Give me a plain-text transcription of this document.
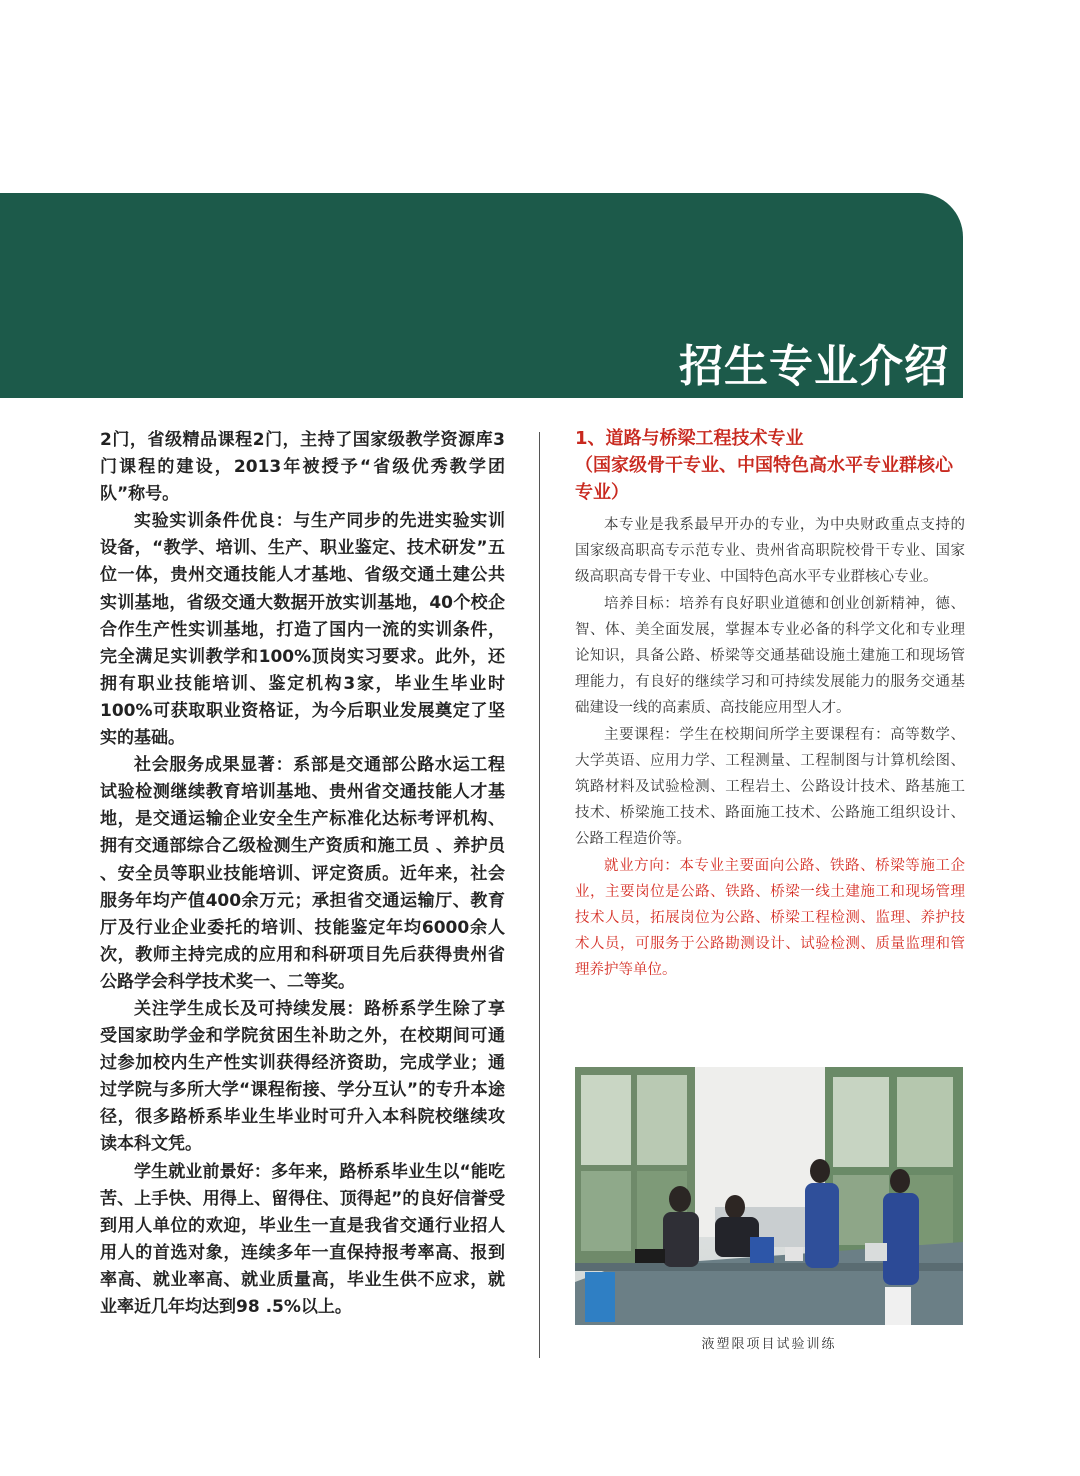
招生专业介绍

2门，省级精品课程2门，主持了国家级教学资源库3门课程的建设，2013年被授予“省级优秀教学团队”称号。

实验实训条件优良：与生产同步的先进实验实训设备，“教学、培训、生产、职业鉴定、技术研发”五位一体，贵州交通技能人才基地、省级交通土建公共实训基地，省级交通大数据开放实训基地，40个校企合作生产性实训基地，打造了国内一流的实训条件，完全满足实训教学和100%顶岗实习要求。此外，还拥有职业技能培训、鉴定机构3家，毕业生毕业时100%可获取职业资格证，为今后职业发展奠定了坚实的基础。

社会服务成果显著：系部是交通部公路水运工程试验检测继续教育培训基地、贵州省交通技能人才基地，是交通运输企业安全生产标准化达标考评机构、拥有交通部综合乙级检测生产资质和施工员 、养护员 、安全员等职业技能培训、评定资质。近年来，社会服务年均产值400余万元；承担省交通运输厅、教育厅及行业企业委托的培训、技能鉴定年均6000余人次，教师主持完成的应用和科研项目先后获得贵州省公路学会科学技术奖一、二等奖。

关注学生成长及可持续发展：路桥系学生除了享受国家助学金和学院贫困生补助之外，在校期间可通过参加校内生产性实训获得经济资助，完成学业；通过学院与多所大学“课程衔接、学分互认”的专升本途径，很多路桥系毕业生毕业时可升入本科院校继续攻读本科文凭。

学生就业前景好：多年来，路桥系毕业生以“能吃苦、上手快、用得上、留得住、顶得起”的良好信誉受到用人单位的欢迎，毕业生一直是我省交通行业招人用人的首选对象，连续多年一直保持报考率高、报到率高、就业率高、就业质量高，毕业生供不应求，就业率近几年均达到98 .5%以上。

1、道路与桥梁工程技术专业
（国家级骨干专业、中国特色高水平专业群核心专业）

本专业是我系最早开办的专业，为中央财政重点支持的国家级高职高专示范专业、贵州省高职院校骨干专业、国家级高职高专骨干专业、中国特色高水平专业群核心专业。

培养目标：培养有良好职业道德和创业创新精神，德、智、体、美全面发展，掌握本专业必备的科学文化和专业理论知识，具备公路、桥梁等交通基础设施土建施工和现场管理能力，有良好的继续学习和可持续发展能力的服务交通基础建设一线的高素质、高技能应用型人才。

主要课程：学生在校期间所学主要课程有：高等数学、大学英语、应用力学、工程测量、工程制图与计算机绘图、筑路材料及试验检测、工程岩土、公路设计技术、路基施工技术、桥梁施工技术、路面施工技术、公路施工组织设计、公路工程造价等。

就业方向：本专业主要面向公路、铁路、桥梁等施工企业，主要岗位是公路、铁路、桥梁一线土建施工和现场管理技术人员，拓展岗位为公路、桥梁工程检测、监理、养护技术人员，可服务于公路勘测设计、试验检测、质量监理和管理养护等单位。

液塑限项目试验训练
